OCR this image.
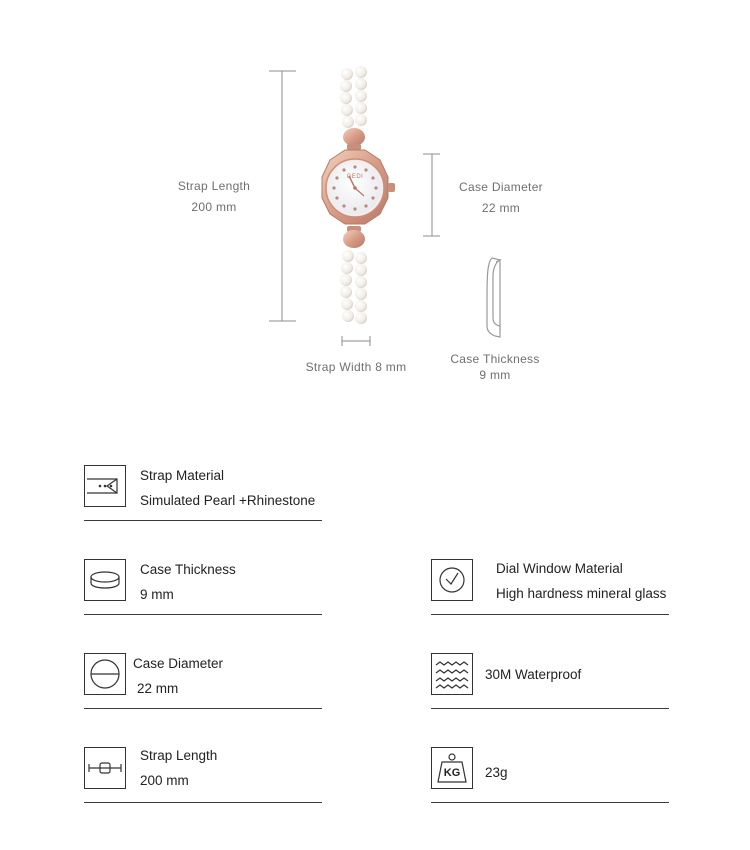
GEDI
Strap Length
200 mm
Case Diameter
22 mm
Strap Width 8 mm
Case Thickness
9 mm
Strap Material
Simulated Pearl +Rhinestone
Case Thickness
9 mm
Dial Window Material
High hardness mineral glass
Case Diameter
22 mm
30M Waterproof
Strap Length
200 mm	KG	23g
